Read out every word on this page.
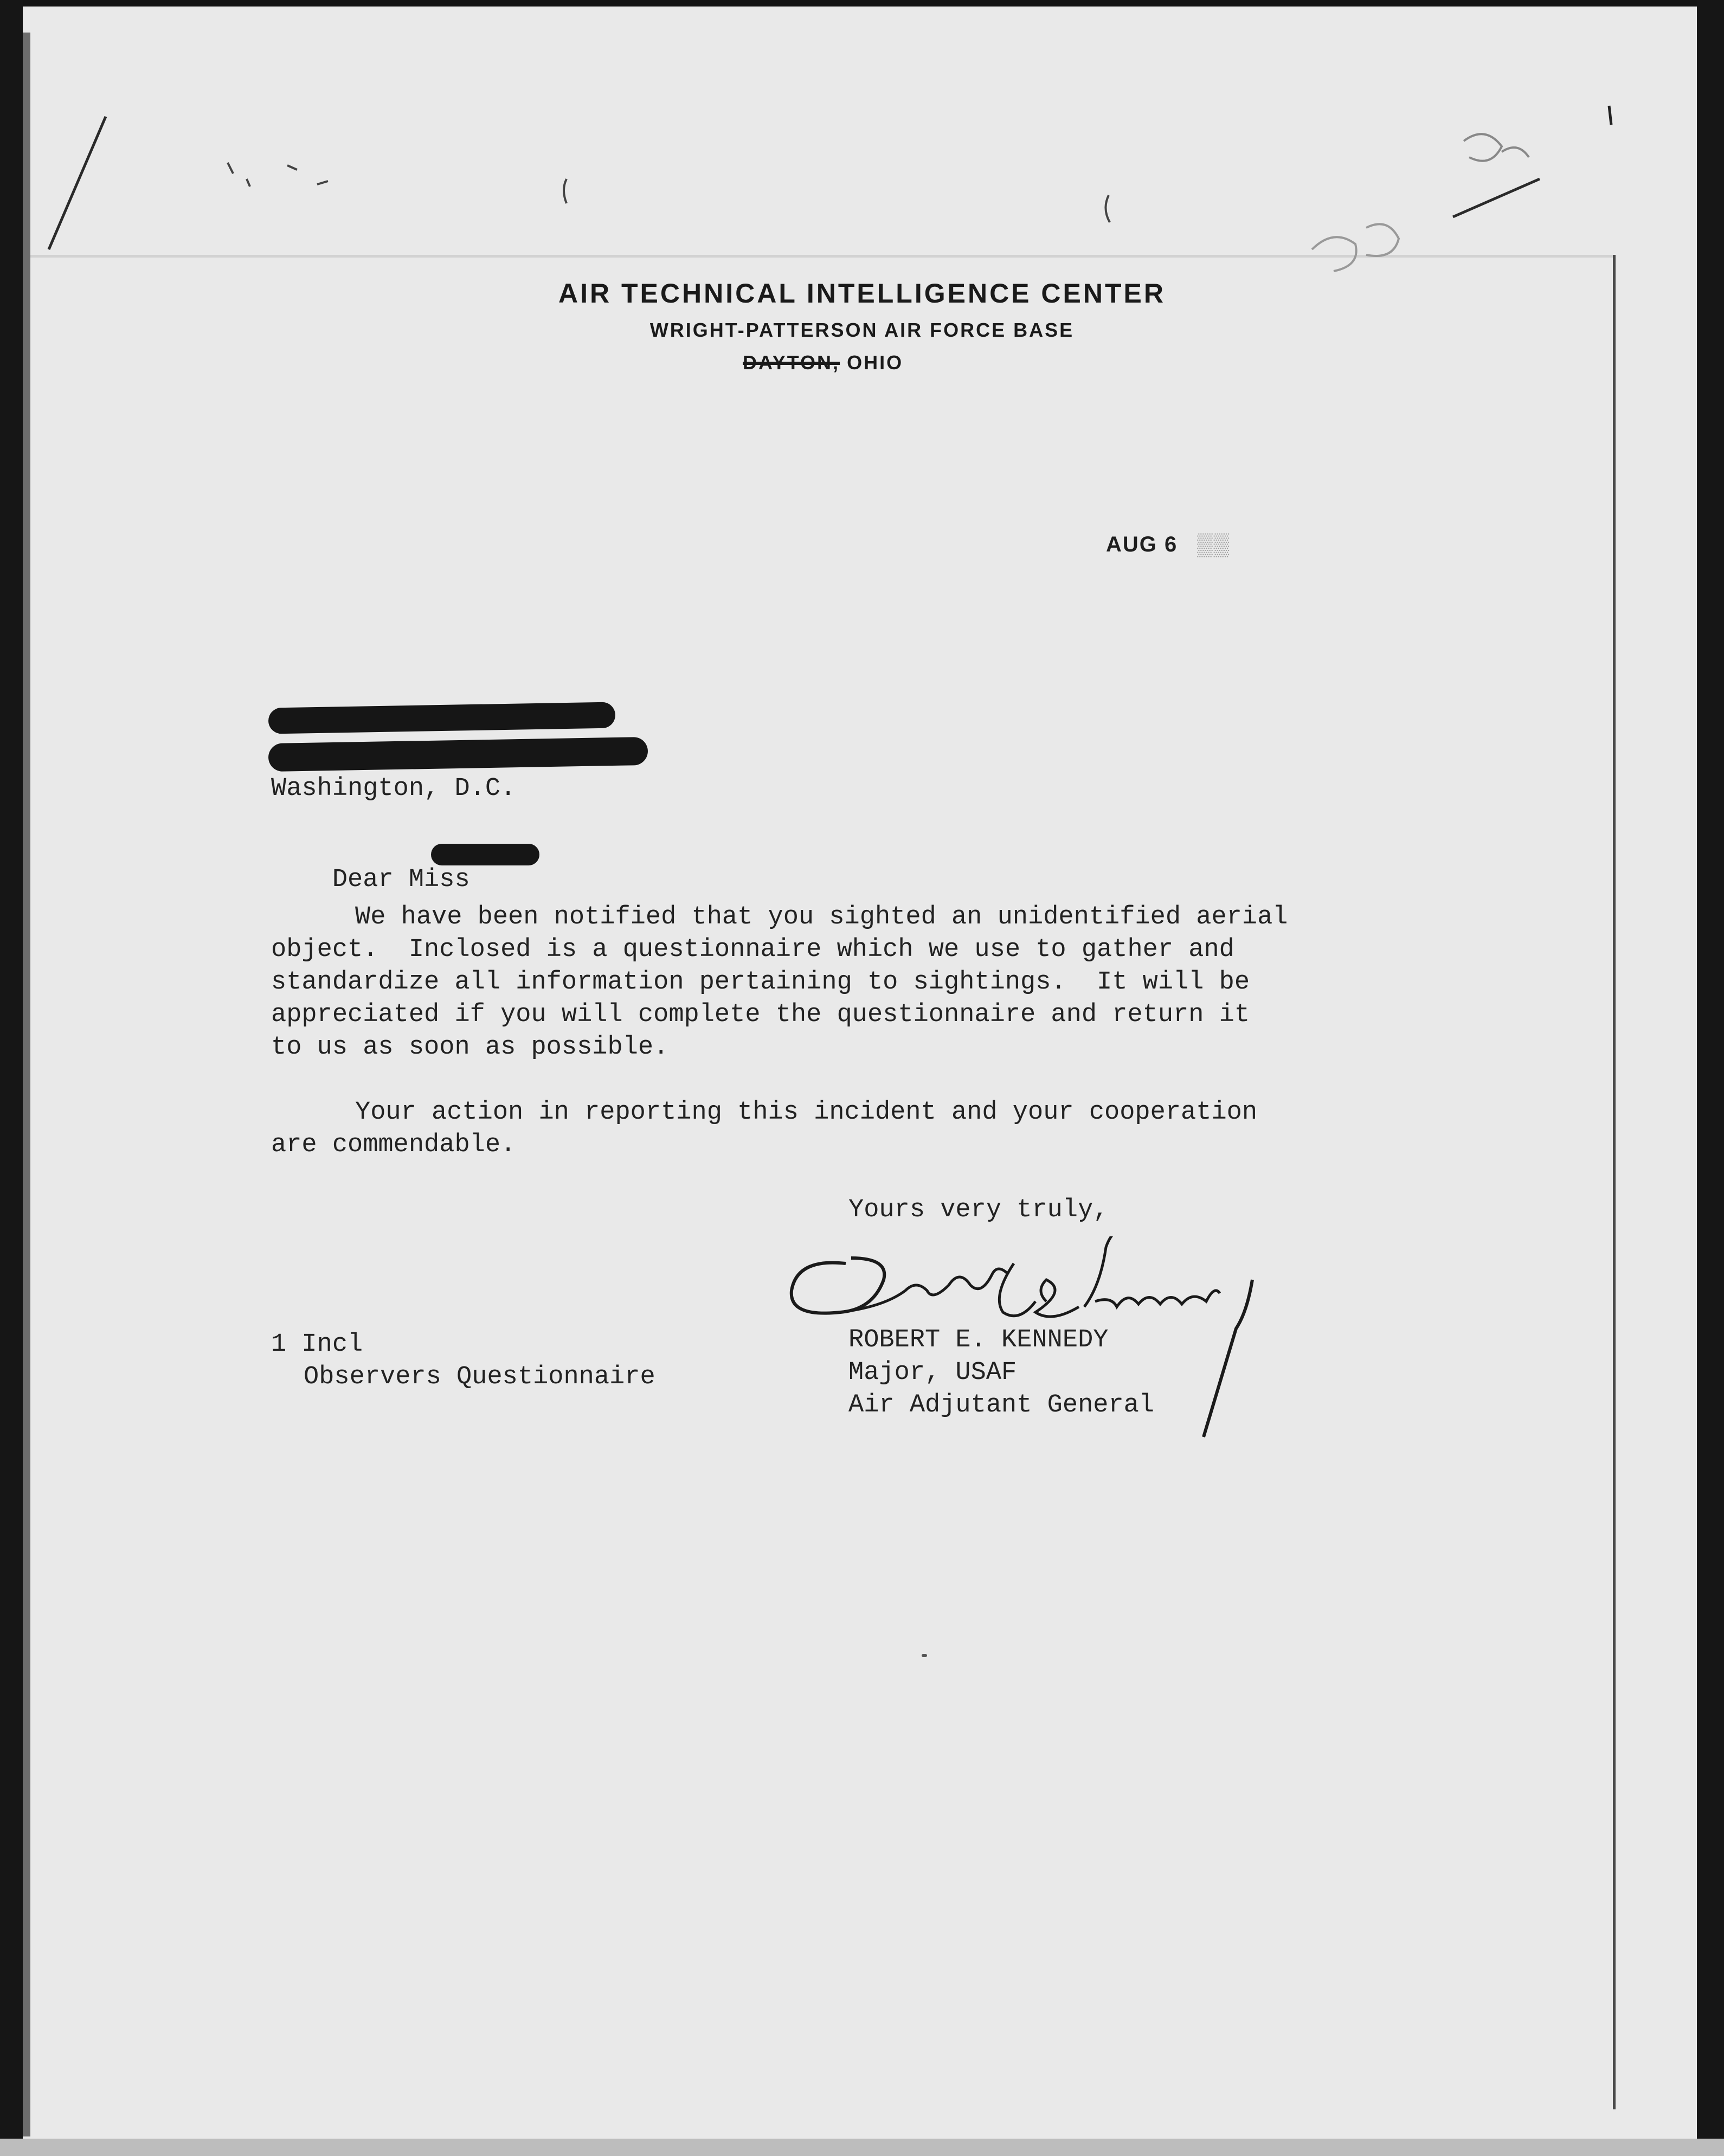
AIR TECHNICAL INTELLIGENCE CENTER
WRIGHT-PATTERSON AIR FORCE BASE
DAYTON, OHIO
AUG 6 ▒▒
Washington, D.C.

Dear Miss

We have been notified that you sighted an unidentified aerial
object.  Inclosed is a questionnaire which we use to gather and
standardize all information pertaining to sightings.  It will be
appreciated if you will complete the questionnaire and return it
to us as soon as possible.
Your action in reporting this incident and your cooperation
are commendable.
Yours very truly,
ROBERT E. KENNEDY
Major, USAF
Air Adjutant General
1 Incl
Observers Questionnaire
